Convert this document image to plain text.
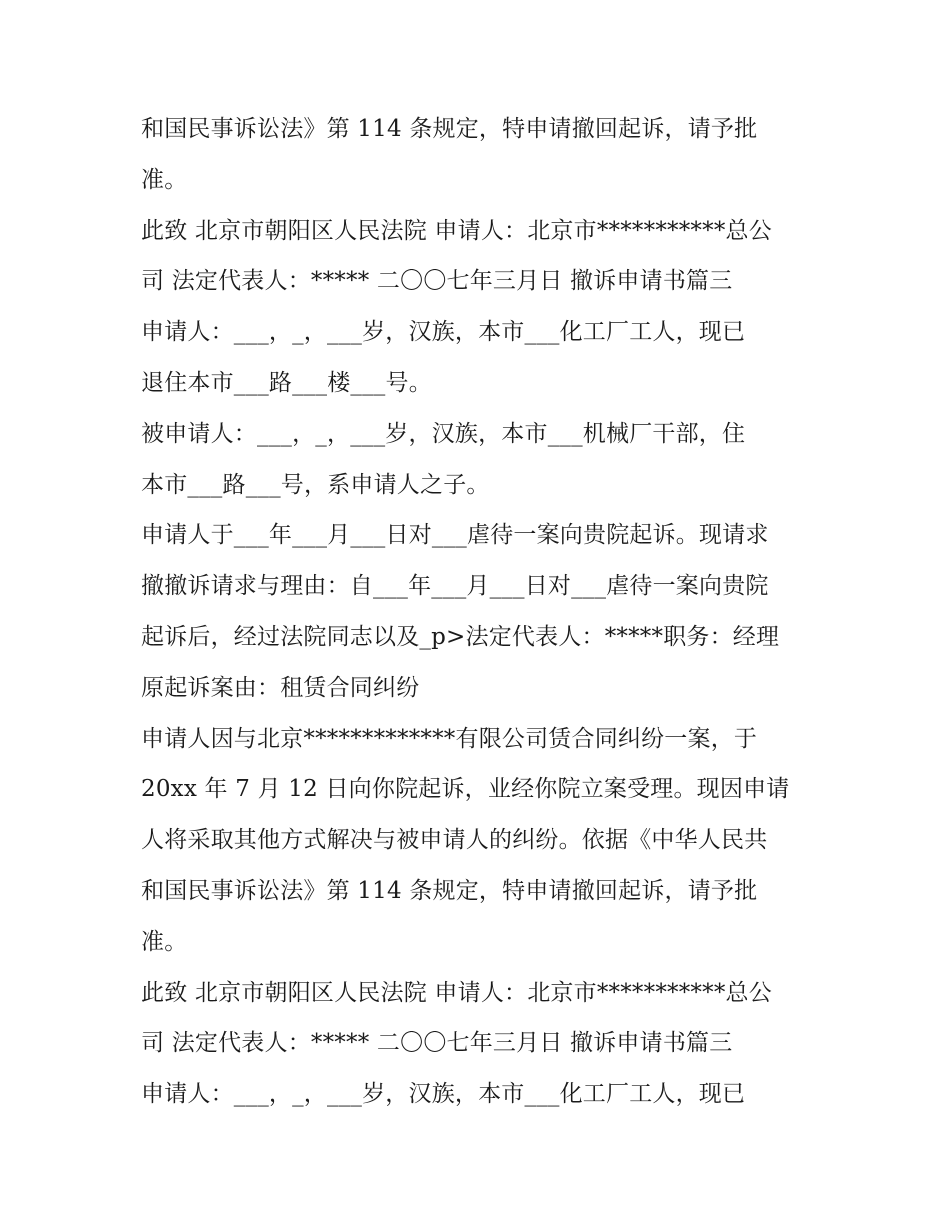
和国民事诉讼法》第 114 条规定，特申请撤回起诉，请予批
准。
此致 北京市朝阳区人民法院 申请人：北京市***********总公
司 法定代表人：***** 二〇〇七年三月日 撤诉申请书篇三
申请人：___，_，___岁，汉族，本市___化工厂工人，现已
退住本市___路___楼___号。
被申请人：___，_，___岁，汉族，本市___机械厂干部，住
本市___路___号，系申请人之子。
申请人于___年___月___日对___虐待一案向贵院起诉。现请求
撤撤诉请求与理由：自___年___月___日对___虐待一案向贵院
起诉后，经过法院同志以及_p>法定代表人：*****职务：经理
原起诉案由：租赁合同纠纷
申请人因与北京*************有限公司赁合同纠纷一案，于
20xx 年 7 月 12 日向你院起诉，业经你院立案受理。现因申请
人将采取其他方式解决与被申请人的纠纷。依据《中华人民共
和国民事诉讼法》第 114 条规定，特申请撤回起诉，请予批
准。
此致 北京市朝阳区人民法院 申请人：北京市***********总公
司 法定代表人：***** 二〇〇七年三月日 撤诉申请书篇三
申请人：___，_，___岁，汉族，本市___化工厂工人，现已
